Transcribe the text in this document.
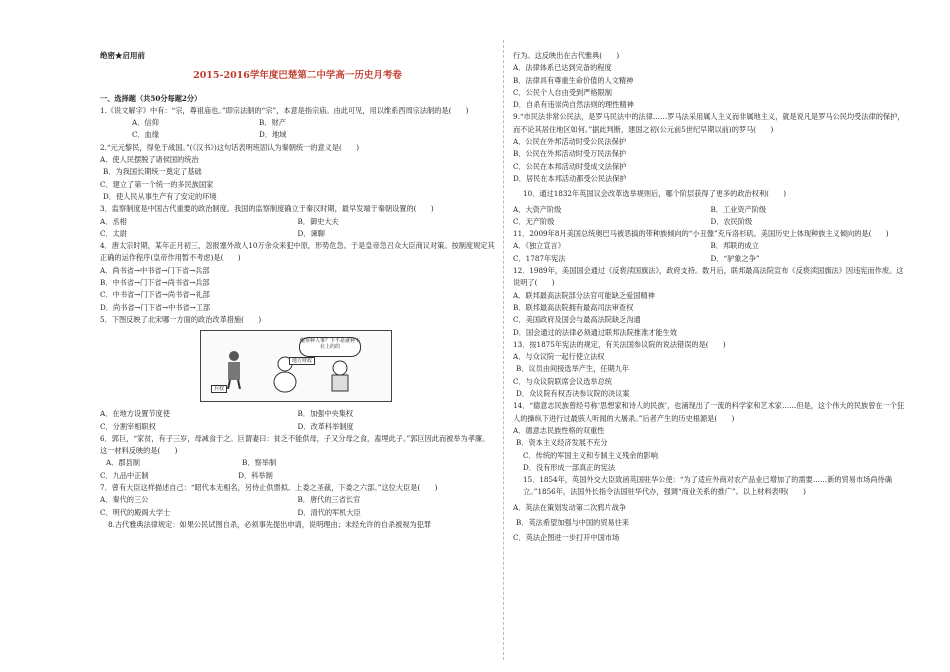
绝密★启用前
2015-2016学年度巴楚第二中学高一历史月考卷
一、选择题（共50分每题2分）
1.《说文解字》中有：“宗，尊祖庙也。”即宗法制的“宗”，本意是指宗庙。由此可见，用以维系西周宗法制的是(　　)
A．信仰	B．财产
C．血缘	D．地域
2.“元元黎民，得免于战国。”(《汉书》)这句话表明班固认为秦朝统一的意义是(　　)
A．使人民摆脱了诸侯国的统治
B．为我国长期统一奠定了基础
C．建立了第一个统一的多民族国家
D．使人民从事生产有了安定的环境
3．监察制度是中国古代重要的政治制度。我国的监察制度确立于秦汉时期，最早发端于秦朝设置的(　　)
A．丞相	B．御史大夫
C．太尉	D．谏聊
4．唐太宗时期，某年正月初三，忽报塞外敌人10万余众来犯中原，形势危急。于是皇帝急召众大臣商议对策。按制度规定其正确的运作程序(皇帝作用暂不考虑)是(　　)
A．尚书省→中书省→门下省→兵部
B．中书省→门下省→尚书省→兵部
C．中书省→门下省→尚书省→礼部
D．尚书省→门下省→中书省→工部
5．下图反映了北宋哪一方面的政治改革措施(　　)
兵权
地方财政
醒察种人事？下不是就种不在上的的
A．在地方设置节度使	B．加强中央集权
C．分割宰相职权	D．改革科举制度
6．郭巨，“家贫，有子三岁，母减食于之。巨谓妻曰：贫乏不能供母，子又分母之食，盍埋此子。”郭巨因此而被举为孝廉。这一材料反映的是(　　)
A．郡县制	B．察举制
C．九品中正制	D．科举制
7．曾有大臣这样描述自己：“昭代本无相名，另侍止供票拟。上委之圣裁，下委之六部。”这位大臣是(　　)
A．秦代的三公	B．唐代的三省长官
C．明代的殿阁大学士	D．清代的军机大臣
8.古代雅典法律规定：如果公民试图自杀，必须事先提出申请，说明理由；未经允许的自杀被视为犯罪
行为。这反映出在古代雅典(　　)
A．法律体系已达到完备的程度
B．法律具有尊重生命价值的人文精神
C．公民个人自由受到严格限制
D．自杀有违崇尚自然法则的理性精神
9.“市民法非常公民法，是罗马民法中的法律……罗马法采用属人主义而非属地主义，就是说凡是罗马公民均受法律的保护，而不论其居住地区如何。”据此判断，建国之初(公元前5世纪早期以前)的罗马(　　)
A．公民在外邦活动时受公民法保护
B．公民在外邦活动时受万民法保护
C．公民在本邦活动时受成文法保护
D．居民在本邦活动都受公民法保护
10．通过1832年英国议会改革选举规则后，哪个阶层获得了更多的政治权利(　　)
A．大资产阶级	B．工业资产阶级
C．无产阶级	D．农民阶级
11．2009年8月美国总统奥巴马被恶搞的带种族倾向的“小丑像”充斥洛杉矶。美国历史上体现种族主义倾向的是(　　)
A．《独立宣言》	B．邦联的成立
C．1787年宪法	D．“驴象之争”
12．1989年，美国国会通过《反亵渎国旗法》，政府支持。数月后，联邦最高法院宣布《反亵渎国旗法》因违宪而作废。这说明了(　　)
A．联邦最高法院部分法官可能缺乏爱国精神
B．联邦最高法院拥有最高司法审查权
C．美国政府及国会与最高法院缺乏沟通
D．国会通过的法律必须通过联邦法院推准才能生效
13．按1875年宪法的规定，有关法国参议院的说法错误的是(　　)
A．与众议院一起行使立法权
B．议员由间接选举产生，任期九年
C．与众议院联席会议选举总统
D．众议院有权否决参议院的决议案
14．“德意志民族曾经号称‘思想家和诗人的民族’，也涌现出了一流的科学家和艺术家……但是，这个伟大的民族曾在一个狂人的操纵下进行过最骇人听闻的大屠杀。”后者产生的历史根源是(　　)
A．德意志民族性格的双重性
B．资本主义经济发展不充分
C．传统的军国主义和专制主义残余的影响
D．没有形成一部真正的宪法
15．1854年，英国外交大臣致函英国驻华公使：“为了适应外商对农产品业已增加了的需要……新的贸易市场尚待确立。”1856年，法国外长指令法国驻华代办，强调“商业关系的推广”。以上材料表明(　　)
A．英法在策划发动第二次鸦片战争
B．英法希望加强与中国的贸易往来
C．英法企图进一步打开中国市场
